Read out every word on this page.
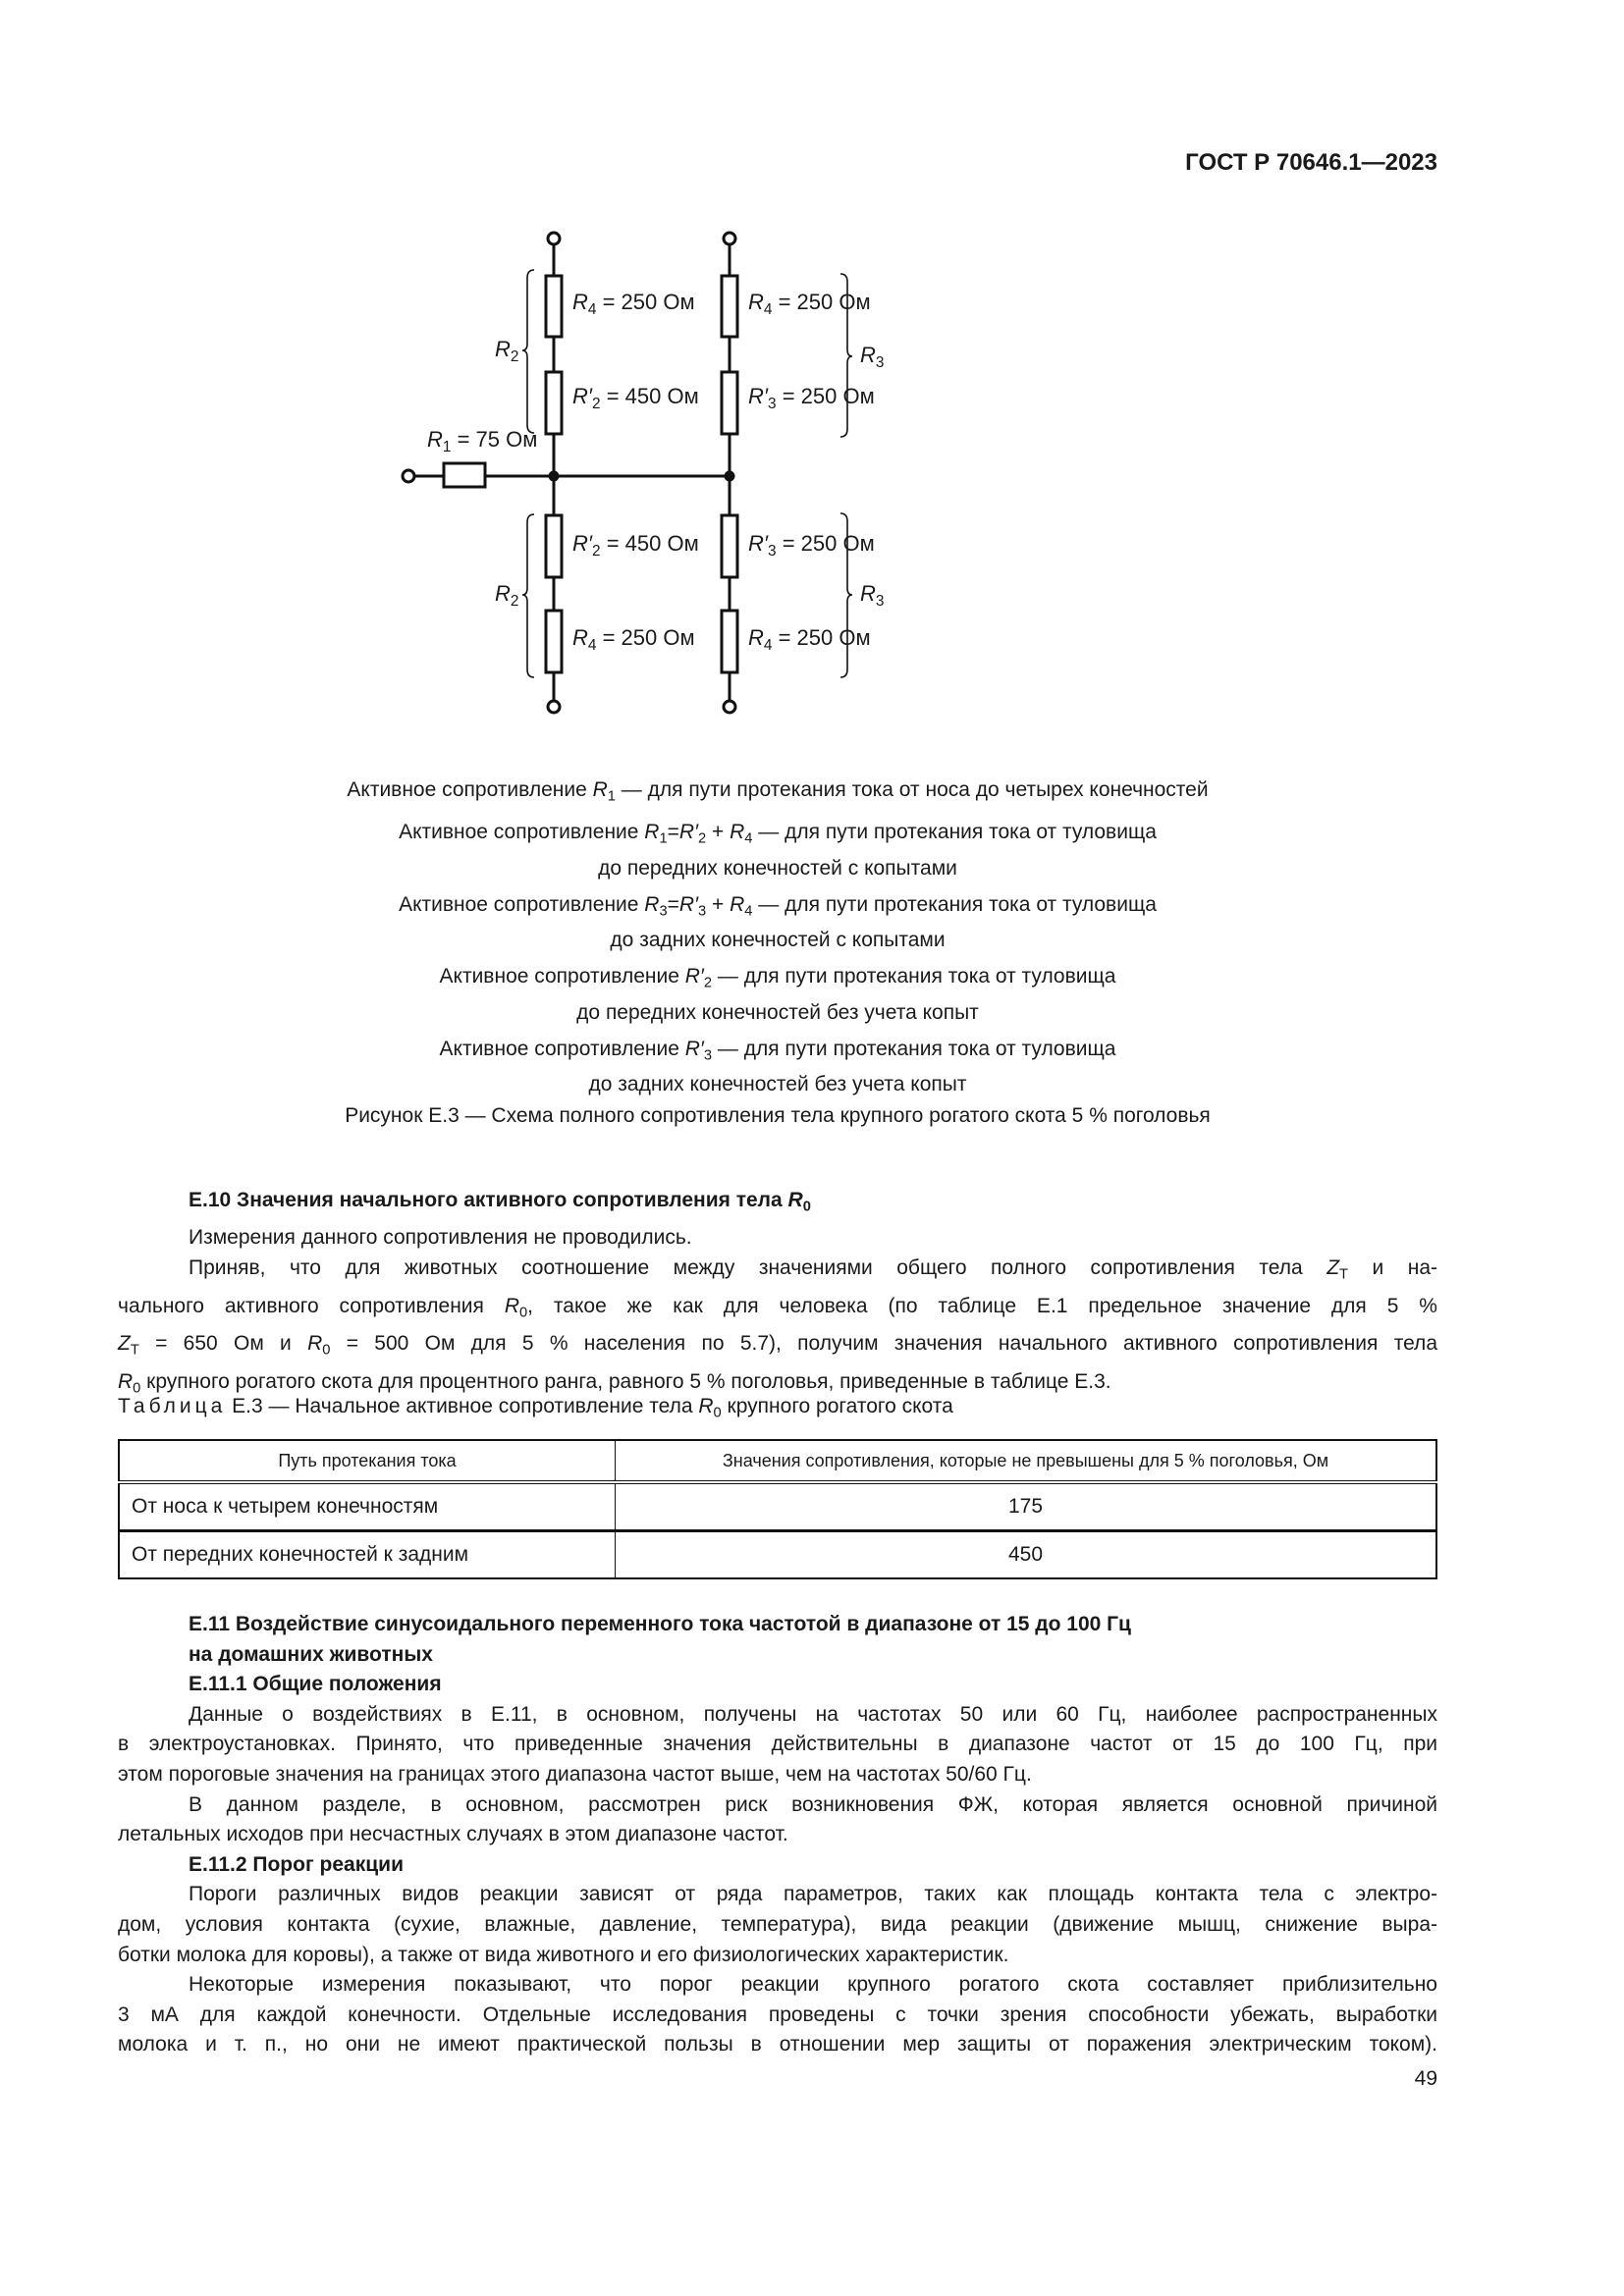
ГОСТ Р 70646.1—2023
$R_1 = 75$ Ом
$R_4 = 250$ Ом
$R'_2 = 450$ Ом
$R'_2 = 450$ Ом
$R_4 = 250$ Ом
$R_4 = 250$ Ом
$R'_3 = 250$ Ом
$R'_3 = 250$ Ом
$R_4 = 250$ Ом
$R_2$
$R_2$
$R_3$
$R_3$
Активное сопротивление $R_1$ — для пути протекания тока от носа до четырех конечностей
Активное сопротивление $R_1=R'_2 + R_4$ — для пути протекания тока от туловища
до передних конечностей с копытами
Активное сопротивление $R_3=R'_3 + R_4$ — для пути протекания тока от туловища
до задних конечностей с копытами
Активное сопротивление $R'_2$ — для пути протекания тока от туловища
до передних конечностей без учета копыт
Активное сопротивление $R'_3$ — для пути протекания тока от туловища
до задних конечностей без учета копыт
Рисунок Е.3 — Схема полного сопротивления тела крупного рогатого скота 5 % поголовья
Е.10 Значения начального активного сопротивления тела $R_0$
Измерения данного сопротивления не проводились.
Приняв, что для животных соотношение между значениями общего полного сопротивления тела $Z_T$ и на-
чального активного сопротивления $R_0$, такое же как для человека (по таблице Е.1 предельное значение для 5 %
$Z_T = 650$ Ом и $R_0 = 500$ Ом для 5 % населения по 5.7), получим значения начального активного сопротивления тела
$R_0$ крупного рогатого скота для процентного ранга, равного 5 % поголовья, приведенные в таблице Е.3.
Таблица Е.3 — Начальное активное сопротивление тела $R_0$ крупного рогатого скота
Путь протекания тока	Значения сопротивления, которые не превышены для 5 % поголовья, Ом
От носа к четырем конечностям	175
От передних конечностей к задним	450
Е.11 Воздействие синусоидального переменного тока частотой в диапазоне от 15 до 100 Гц
на домашних животных
Е.11.1 Общие положения
Данные о воздействиях в Е.11, в основном, получены на частотах 50 или 60 Гц, наиболее распространенных
в электроустановках. Принято, что приведенные значения действительны в диапазоне частот от 15 до 100 Гц, при
этом пороговые значения на границах этого диапазона частот выше, чем на частотах 50/60 Гц.
В данном разделе, в основном, рассмотрен риск возникновения ФЖ, которая является основной причиной
летальных исходов при несчастных случаях в этом диапазоне частот.
Е.11.2 Порог реакции
Пороги различных видов реакции зависят от ряда параметров, таких как площадь контакта тела с электро-
дом, условия контакта (сухие, влажные, давление, температура), вида реакции (движение мышц, снижение выра-
ботки молока для коровы), а также от вида животного и его физиологических характеристик.
Некоторые измерения показывают, что порог реакции крупного рогатого скота составляет приблизительно
3 мА для каждой конечности. Отдельные исследования проведены с точки зрения способности убежать, выработки
молока и т. п., но они не имеют практической пользы в отношении мер защиты от поражения электрическим током).
49
